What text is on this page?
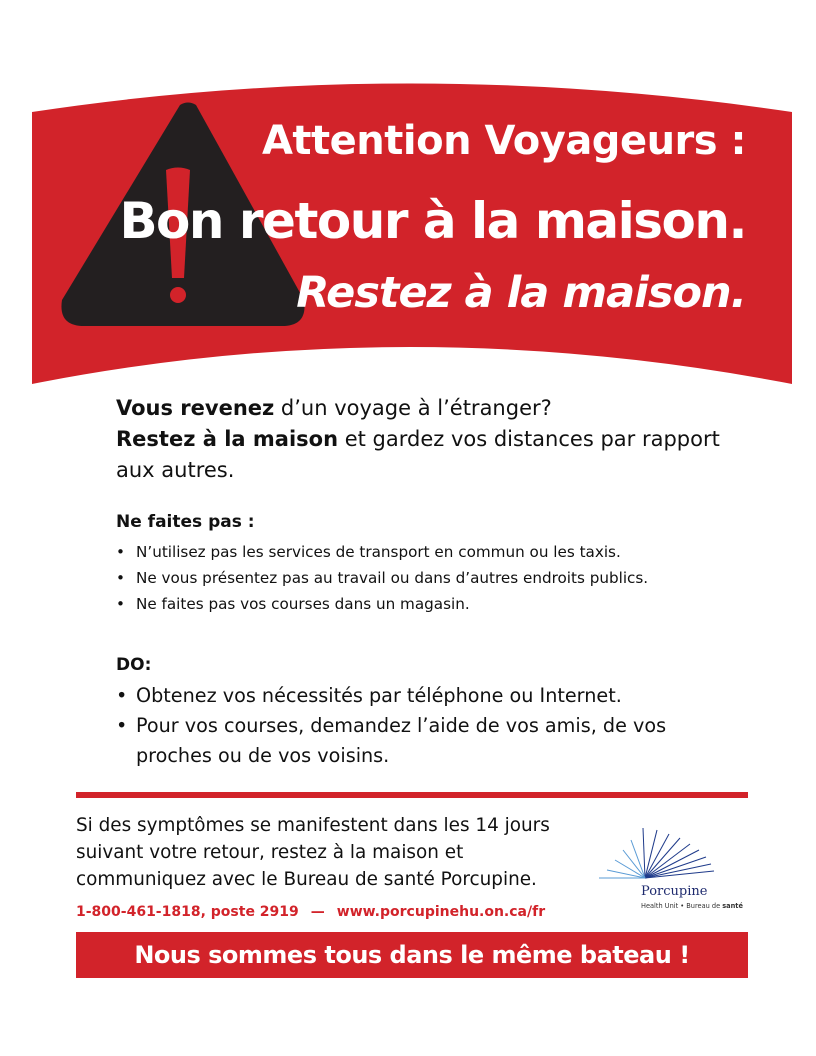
Attention Voyageurs :
Bon retour à la maison.
Restez à la maison.

Vous revenez d’un voyage à l’étranger?

Restez à la maison et gardez vos distances par rapport aux autres.

Ne faites pas :
• N’utilisez pas les services de transport en commun ou les taxis.
• Ne vous présentez pas au travail ou dans d’autres endroits publics.
• Ne faites pas vos courses dans un magasin.
DO:
• Obtenez vos nécessités par téléphone ou Internet.
• Pour vos courses, demandez l’aide de vos amis, de vos proches ou de vos voisins.

Si des symptômes se manifestent dans les 14 jours suivant votre retour, restez à la maison et communiquez avec le Bureau de santé Porcupine.

1-800-461-1818, poste 2919 — www.porcupinehu.on.ca/fr

Porcupine

Health Unit • Bureau de santé

Nous sommes tous dans le même bateau !
